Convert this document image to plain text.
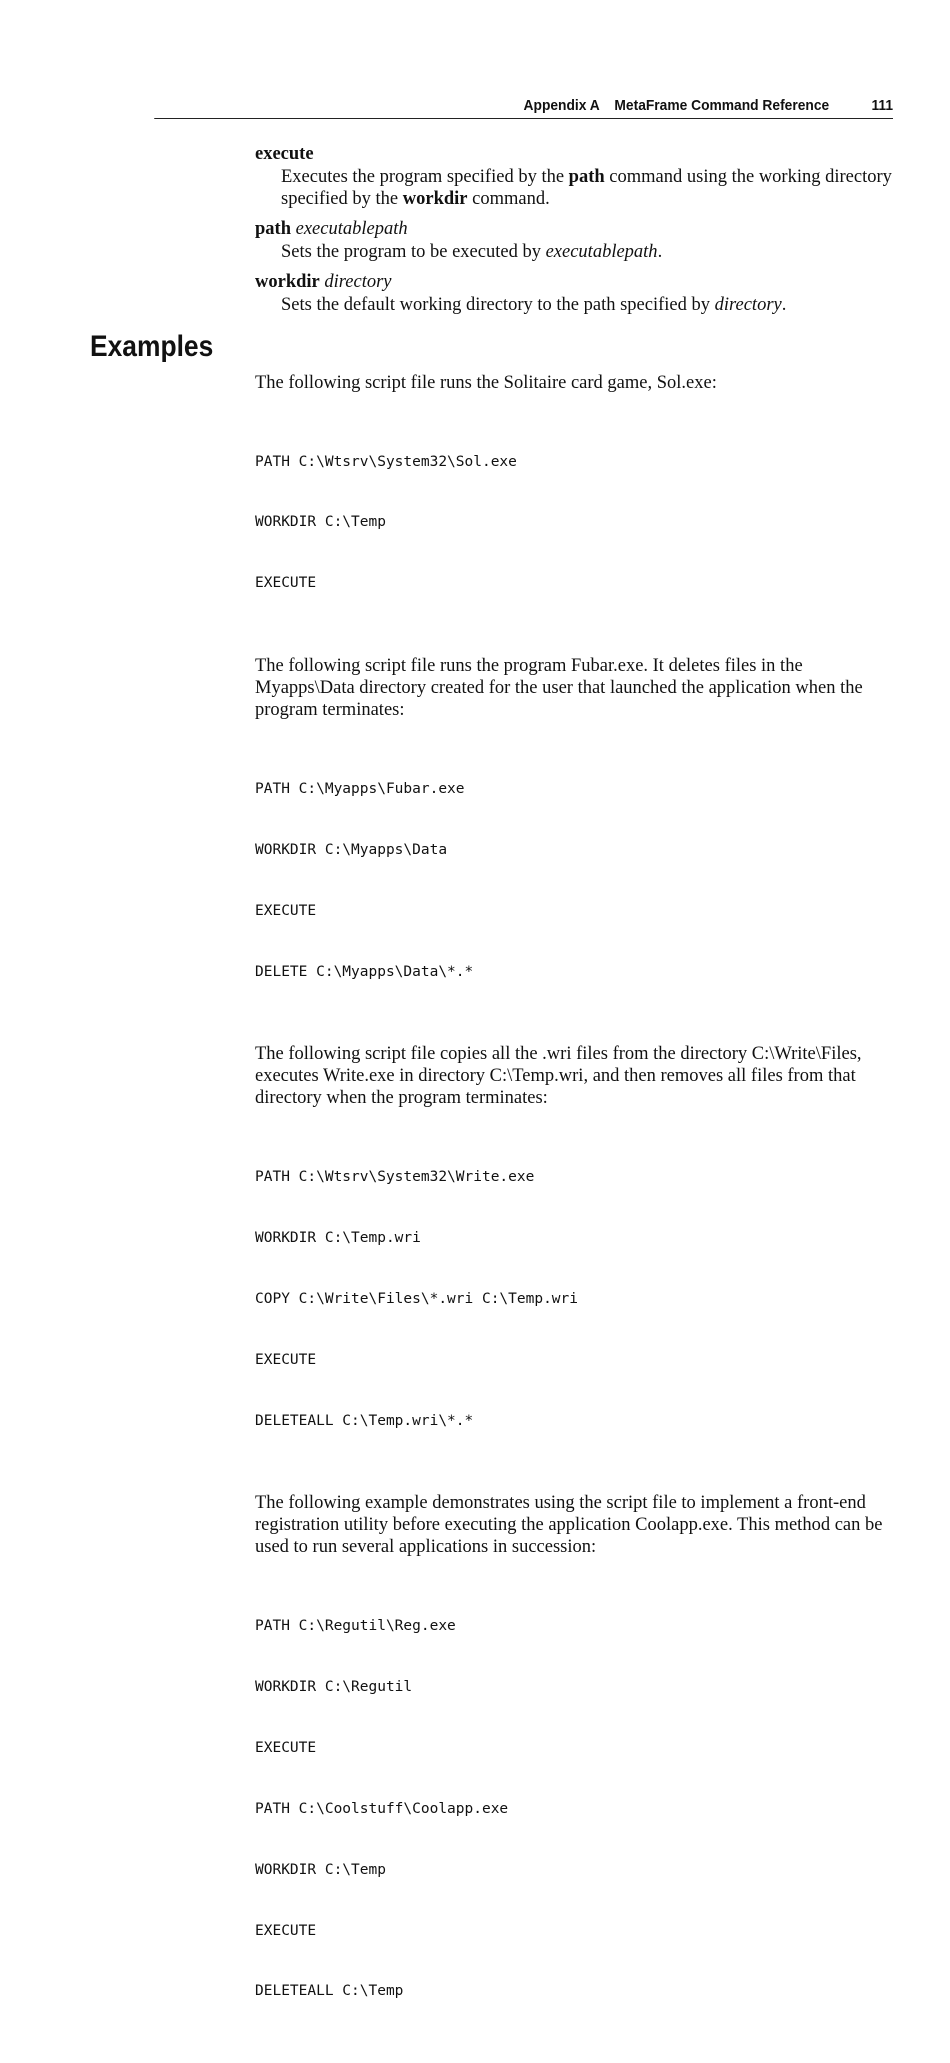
Appendix A MetaFrame Command Reference	111

execute

Executes the program specified by the path command using the working directory specified by the workdir command.

path executablepath

Sets the program to be executed by executablepath.

workdir directory

Sets the default working directory to the path specified by directory.

Examples

The following script file runs the Solitaire card game, Sol.exe:

PATH C:\Wtsrv\System32\Sol.exe

WORKDIR C:\Temp

EXECUTE

The following script file runs the program Fubar.exe. It deletes files in the Myapps\Data directory created for the user that launched the application when the program terminates:

PATH C:\Myapps\Fubar.exe

WORKDIR C:\Myapps\Data

EXECUTE

DELETE C:\Myapps\Data\*.*

The following script file copies all the .wri files from the directory C:\Write\Files, executes Write.exe in directory C:\Temp.wri, and then removes all files from that directory when the program terminates:

PATH C:\Wtsrv\System32\Write.exe

WORKDIR C:\Temp.wri

COPY C:\Write\Files\*.wri C:\Temp.wri

EXECUTE

DELETEALL C:\Temp.wri\*.*

The following example demonstrates using the script file to implement a front-end registration utility before executing the application Coolapp.exe. This method can be used to run several applications in succession:

PATH C:\Regutil\Reg.exe

WORKDIR C:\Regutil

EXECUTE

PATH C:\Coolstuff\Coolapp.exe

WORKDIR C:\Temp

EXECUTE

DELETEALL C:\Temp
